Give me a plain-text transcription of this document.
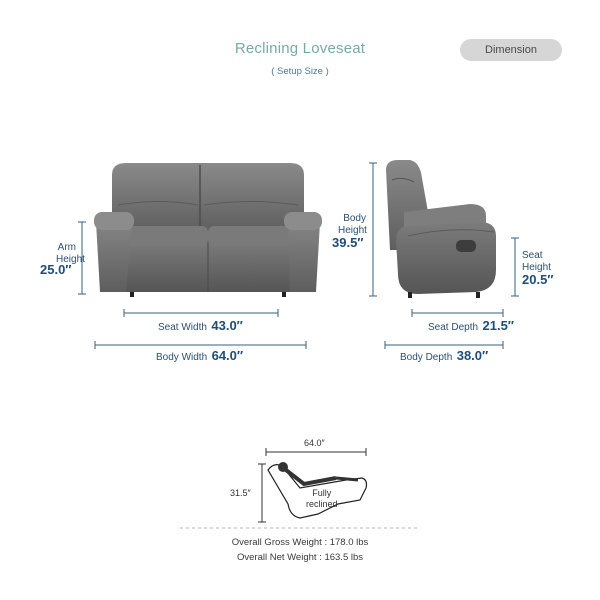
Reclining Loveseat
( Setup Size )
Dimension
Arm
Height
25.0″
Seat Width 43.0″
Body Width 64.0″
Body
Height
39.5″
Seat
Height
20.5″
Seat Depth 21.5″
Body Depth 38.0″
64.0″
31.5″	Fully
reclined
Overall Gross Weight : 178.0 lbs
Overall Net Weight : 163.5 lbs
